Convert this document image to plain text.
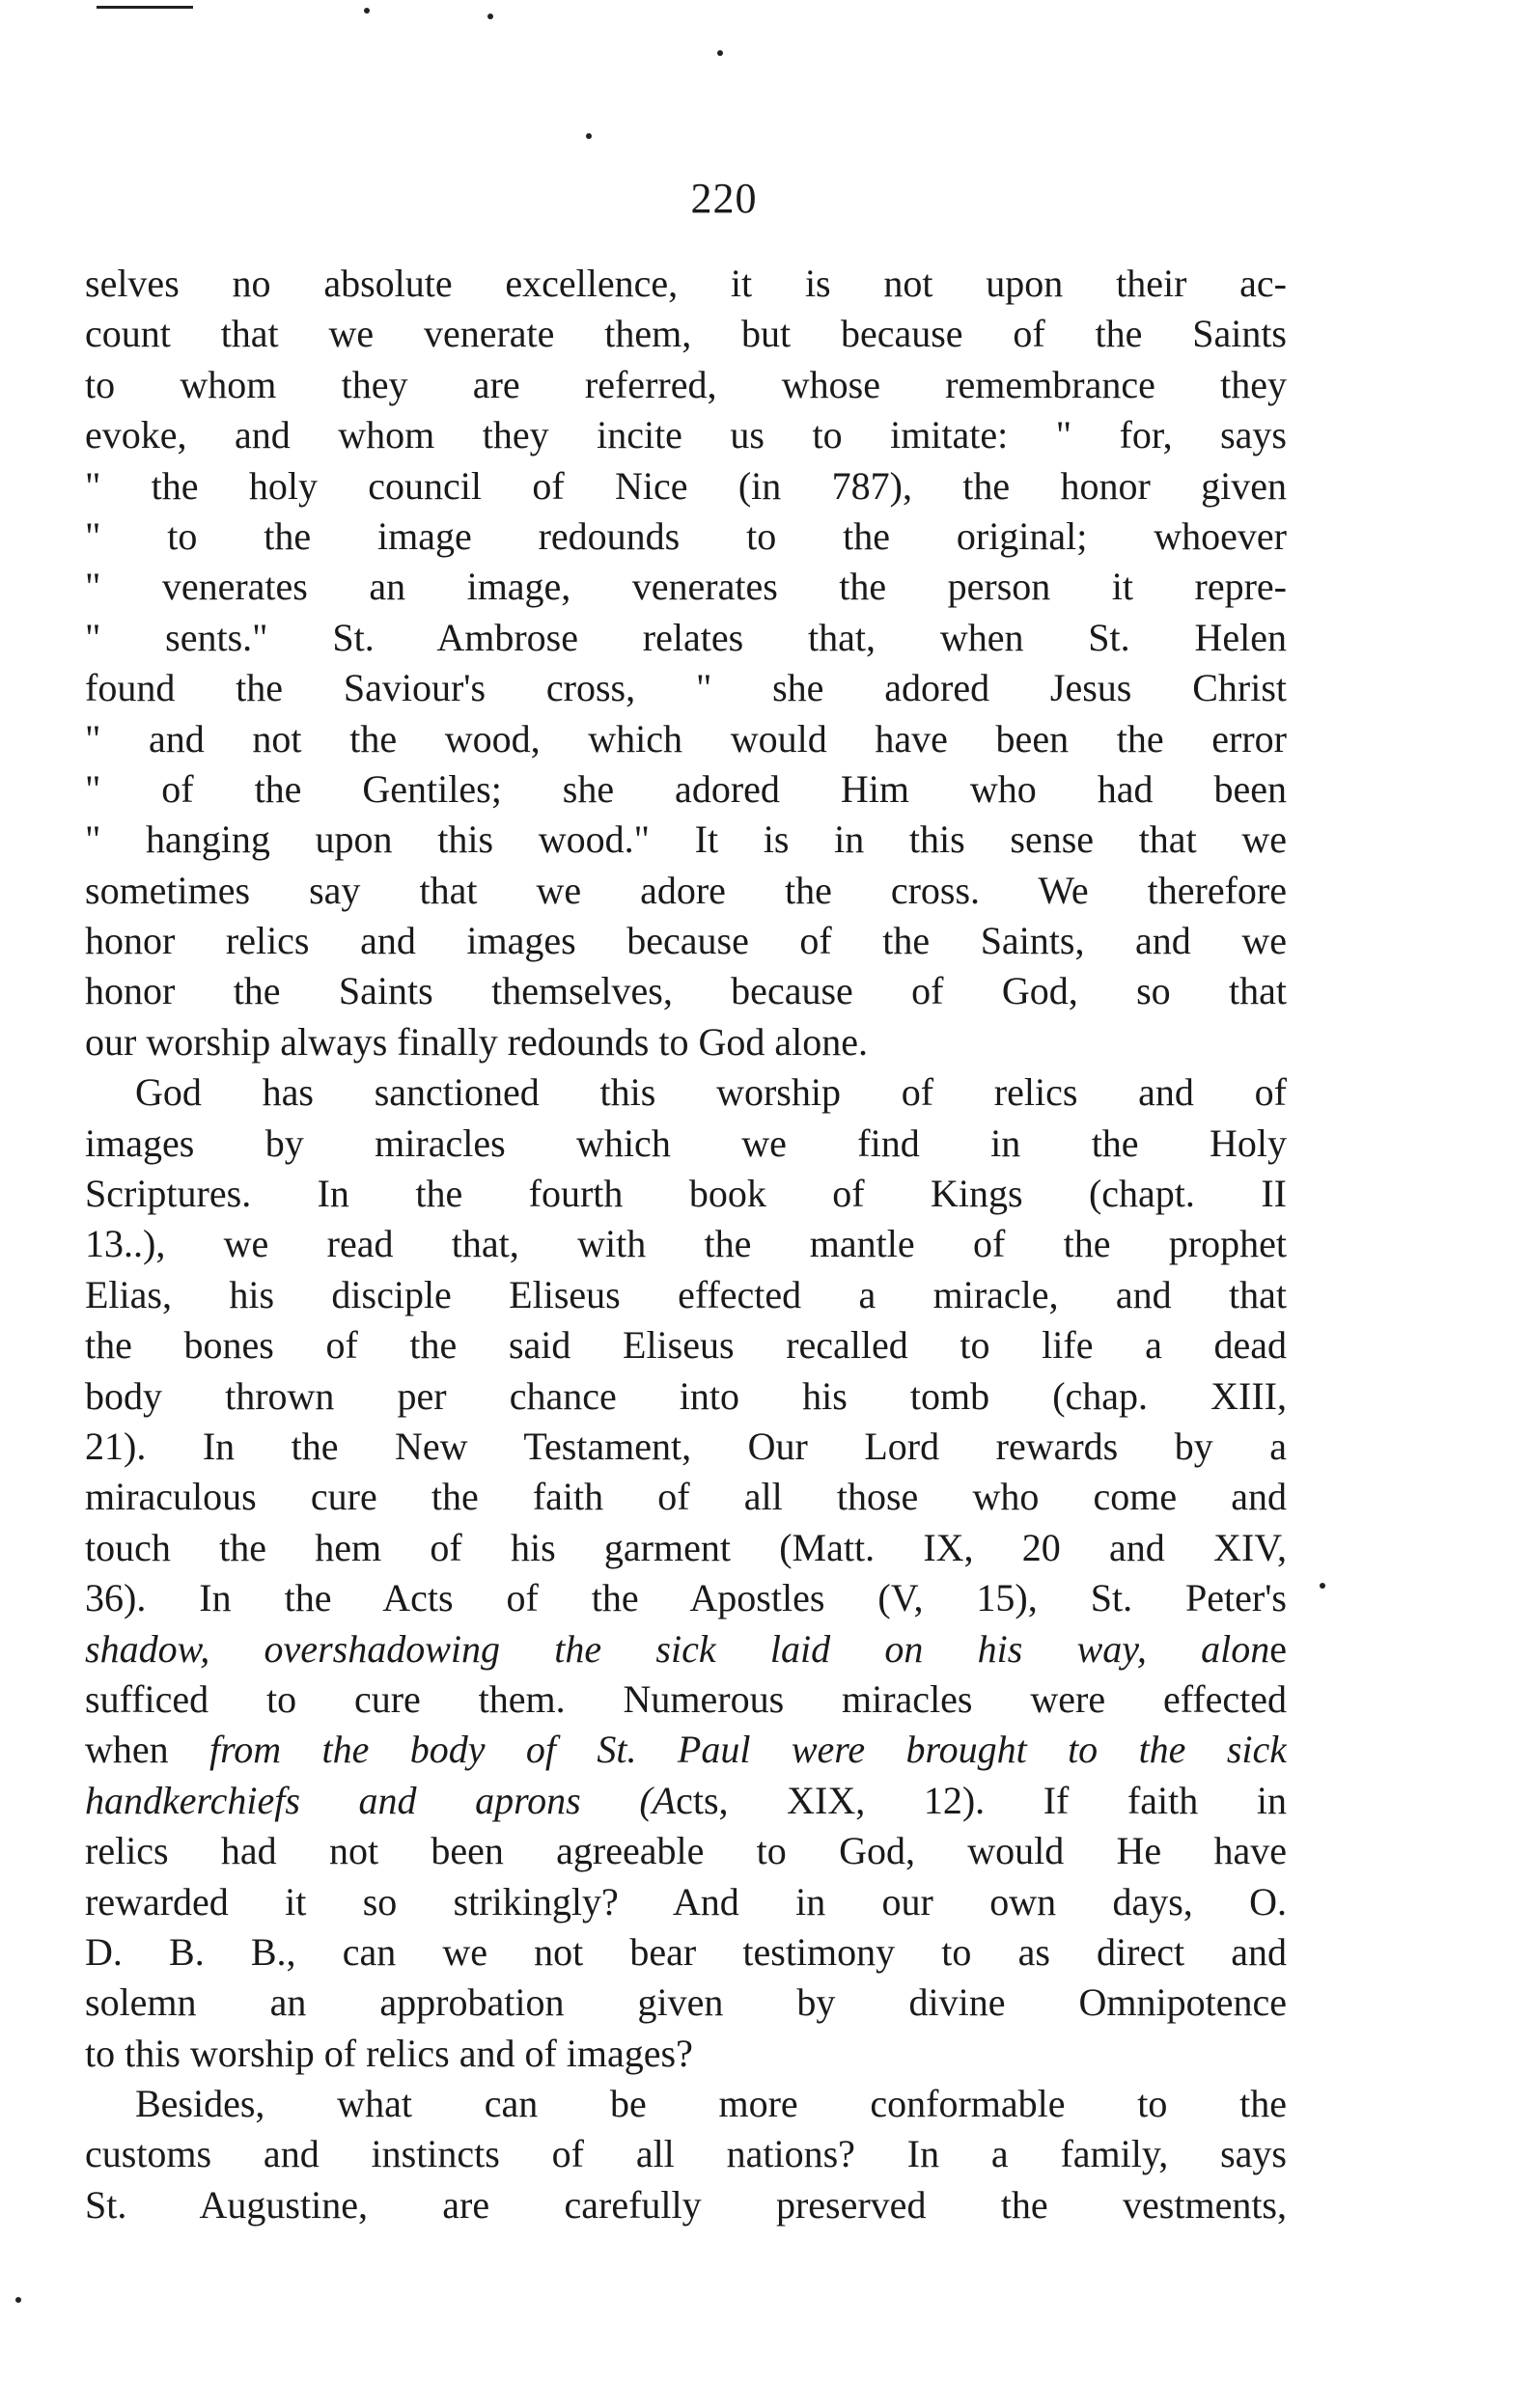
220
selves no absolute excellence, it is not upon their ac-
count that we venerate them, but because of the Saints
to whom they are referred, whose remembrance they
evoke, and whom they incite us to imitate: " for, says
" the holy council of Nice (in 787), the honor given
" to the image redounds to the original; whoever
" venerates an image, venerates the person it repre-
" sents." St. Ambrose relates that, when St. Helen
found the Saviour's cross, " she adored Jesus Christ
" and not the wood, which would have been the error
" of the Gentiles; she adored Him who had been
" hanging upon this wood." It is in this sense that we
sometimes say that we adore the cross. We therefore
honor relics and images because of the Saints, and we
honor the Saints themselves, because of God, so that
our worship always finally redounds to God alone.
God has sanctioned this worship of relics and of
images by miracles which we find in the Holy
Scriptures. In the fourth book of Kings (chapt. II
13..), we read that, with the mantle of the prophet
Elias, his disciple Eliseus effected a miracle, and that
the bones of the said Eliseus recalled to life a dead
body thrown per chance into his tomb (chap. XIII,
21). In the New Testament, Our Lord rewards by a
miraculous cure the faith of all those who come and
touch the hem of his garment (Matt. IX, 20 and XIV,
36). In the Acts of the Apostles (V, 15), St. Peter's
shadow, overshadowing the sick laid on his way, alone
sufficed to cure them. Numerous miracles were effected
when from the body of St. Paul were brought to the sick
handkerchiefs and aprons (Acts, XIX, 12). If faith in
relics had not been agreeable to God, would He have
rewarded it so strikingly? And in our own days, O.
D. B. B., can we not bear testimony to as direct and
solemn an approbation given by divine Omnipotence
to this worship of relics and of images?
Besides, what can be more conformable to the
customs and instincts of all nations? In a family, says
St. Augustine, are carefully preserved the vestments,
